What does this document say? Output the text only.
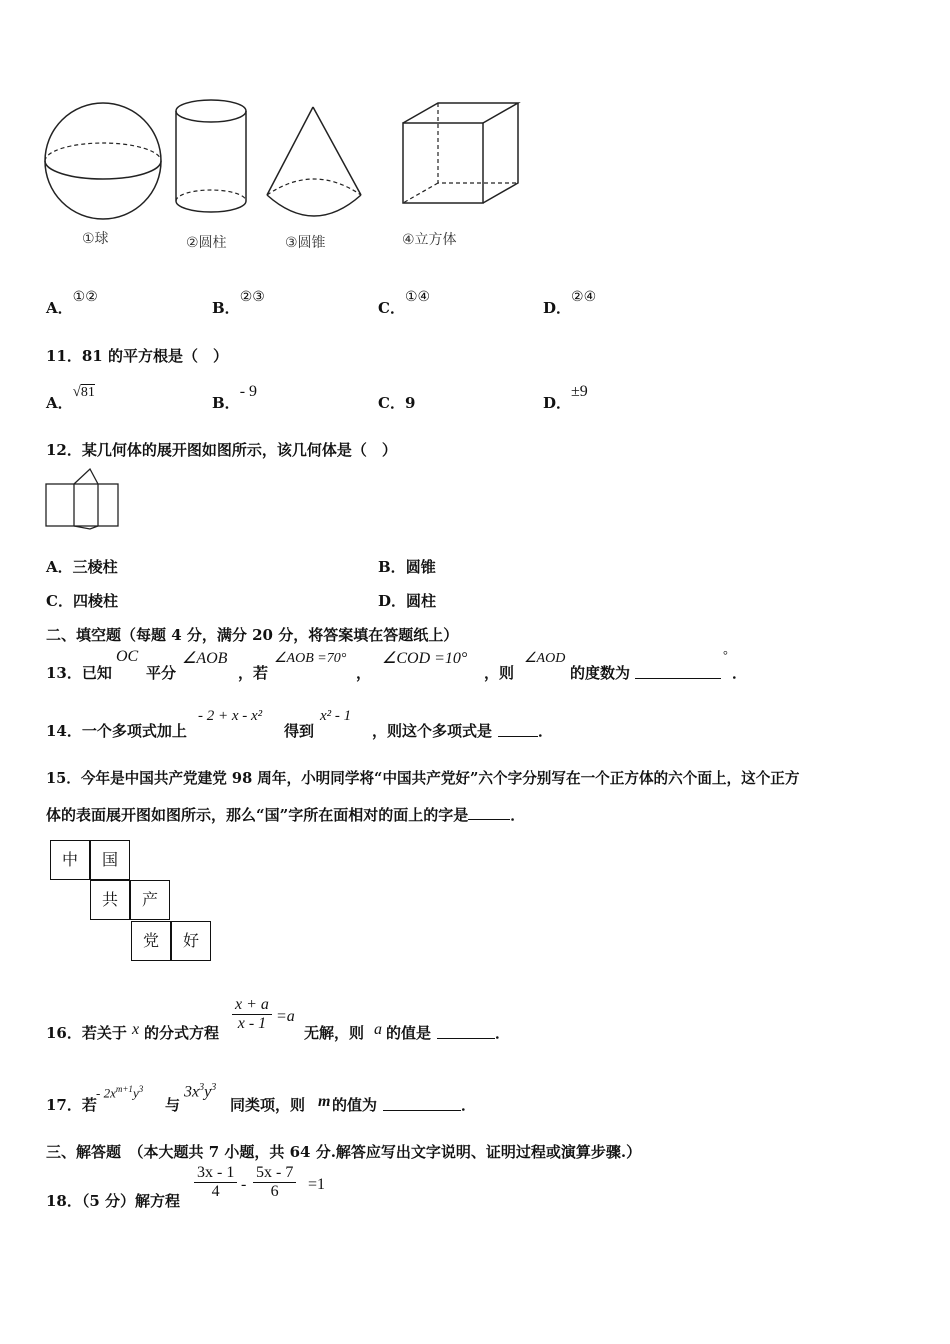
①球	②圆柱	③圆锥	④立方体
A．①②
B．②③
C．①④
D．②④
11．81 的平方根是（　）
A．√81
B．- 9
C．9	D．±9
12．某几何体的展开图如图所示，该几何体是（　）
A．三棱柱	B．圆锥
C．四棱柱	D．圆柱
二、填空题（每题 4 分，满分 20 分，将答案填在答题纸上）
13．已知
OC
平分
∠AOB
，若
∠AOB =70°
，
∠COD =10°
，则
∠AOD
的度数为
°
．
14．一个多项式加上
- 2 + x - x²
得到
x² - 1
，则这个多项式是	．
15．今年是中国共产党建党 98 周年，小明同学将“中国共产党好”六个字分别写在一个正方体的六个面上，这个正方
体的表面展开图如图所示，那么“国”字所在面相对的面上的字是	．
中	国
共	产
党	好
16．若关于 x 的分式方程 $\frac{x + a}{x - 1} =a$
无解，则 a 的值是	．
17．若
- $2x^{m+1}y^3$
与
$3x^3y^3$
同类项，则 m 的值为	．
三、解答题　（本大题共 7 小题，共 64 分.解答应写出文字说明、证明过程或演算步骤.）
18．（5 分）解方程 $\frac{3x - 1}{4} - \frac{5x - 7}{6} =1$
